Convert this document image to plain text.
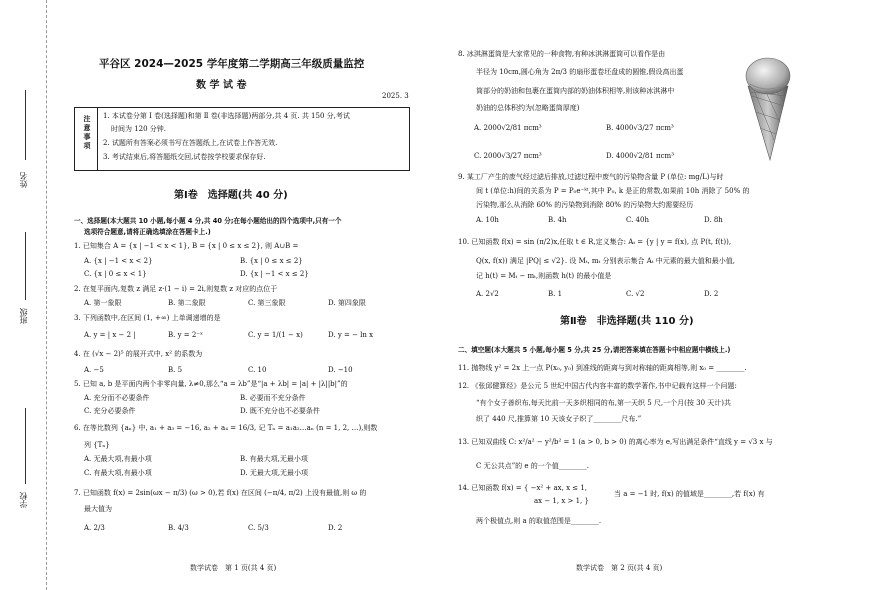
姓名
班级
学校
平谷区 2024—2025 学年度第二学期高三年级质量监控
数 学 试 卷
2025. 3
注意事项 1. 本试卷分第 Ⅰ 卷(选择题)和第 Ⅱ 卷(非选择题)两部分,共 4 页. 共 150 分,考试
时间为 120 分钟.
2. 试题所有答案必须书写在答题纸上,在试卷上作答无效.
3. 考试结束后,将答题纸交回,试卷按学校要求保存好.
第Ⅰ卷　选择题(共 40 分)
一、选择题(本大题共 10 小题,每小题 4 分,共 40 分;在每小题给出的四个选项中,只有一个
选项符合题意,请将正确选填涂在答题卡上.)
1. 已知集合 A = {x | −1 < x < 1}, B = {x | 0 ≤ x ≤ 2}, 则 A∪B =
A. {x | −1 < x < 2}	B. {x | 0 ≤ x ≤ 2}
C. {x | 0 ≤ x < 1}	D. {x | −1 < x ≤ 2}
2. 在复平面内,复数 z 满足 z·(1 − i) = 2i,则复数 z 对应的点位于
A. 第一象限	B. 第二象限	C. 第三象限	D. 第四象限
3. 下列函数中,在区间 (1, +∞) 上单调递增的是
A. y = | x − 2 |	B. y = 2⁻ˣ	C. y = 1/(1 − x)	D. y = − ln x
4. 在 (√x − 2)⁵ 的展开式中, x² 的系数为
A. −5	B. 5	C. 10	D. −10
5. 已知 a, b 是平面内两个非零向量, λ≠0,那么“a = λb”是“|a + λb| = |a| + |λ||b|”的
A. 充分而不必要条件	B. 必要而不充分条件
C. 充分必要条件	D. 既不充分也不必要条件
6. 在等比数列 {aₙ} 中, a₁ + a₃ = −16, a₂ + a₄ = 16/3, 记 Tₙ = a₁a₂…aₙ (n = 1, 2, …),则数
列 {Tₙ}
A. 无最大项,有最小项	B. 有最大项,无最小项
C. 有最大项,有最小项	D. 无最大项,无最小项
7. 已知函数 f(x) = 2sin(ωx − π/3) (ω > 0),若 f(x) 在区间 (−π/4, π/2) 上没有最值,则 ω 的
最大值为
A. 2/3	B. 4/3	C. 5/3	D. 2
数学试卷　第 1 页(共 4 页)
8. 冰淇淋蛋筒是大家常见的一种食物,有种冰淇淋蛋筒可以看作是由
半径为 10cm,圆心角为 2π/3 的扇形蛋卷坯盘成的圆锥,假设高出蛋
筒部分的奶油和包裹在蛋筒内部的奶油体积相等,则该种冰淇淋中
奶油的总体积约为(忽略蛋筒厚度)
A. 2000√2/81 πcm³	B. 4000√3/27 πcm³
C. 2000√3/27 πcm³	D. 4000√2/81 πcm³
9. 某工厂产生的废气经过滤后排放,过滤过程中废气的污染物含量 P (单位: mg/L)与时
间 t (单位:h)间的关系为 P = P₀e⁻ᵏᵗ,其中 P₀, k 是正的常数,如果前 10h 消除了 50% 的
污染物,那么从消除 60% 的污染物到消除 80% 的污染物大约需要经历
A. 10h	B. 4h	C. 40h	D. 8h
10. 已知函数 f(x) = sin (π/2)x,任取 t ∈ R,定义集合: Aₜ = {y | y = f(x), 点 P(t, f(t)),
Q(x, f(x)) 满足 |PQ| ≤ √2}. 设 Mₜ, mₜ 分别表示集合 Aₜ 中元素的最大值和最小值,
记 h(t) = Mₜ − mₜ,则函数 h(t) 的最小值是
A. 2√2	B. 1	C. √2	D. 2
第Ⅱ卷　非选择题(共 110 分)
二、填空题(本大题共 5 小题,每小题 5 分,共 25 分,请把答案填在答题卡中相应题中横线上.)
11. 抛物线 y² = 2x 上一点 P(x₀, y₀) 到准线的距离与到对称轴的距离相等,则 x₀ = ________.
12. 《张邱健算经》是公元 5 世纪中国古代内容丰富的数学著作,书中记载有这样一个问题:
“有个女子善织布,每天比前一天多织相同的布,第一天织 5 尺,一个月(按 30 天计)共
织了 440 尺,推算第 10 天该女子织了________尺布.”
13. 已知双曲线 C: x²/a² − y²/b² = 1 (a > 0, b > 0) 的离心率为 e,写出满足条件“直线 y = √3 x 与
C 无公共点”的 e 的一个值________.
14. 已知函数 f(x) = { −x² + ax, x ≤ 1,
ax − 1, x > 1, }
当 a = −1 时, f(x) 的值域是________,若 f(x) 有
两个极值点,则 a 的取值范围是________.
数学试卷　第 2 页(共 4 页)
